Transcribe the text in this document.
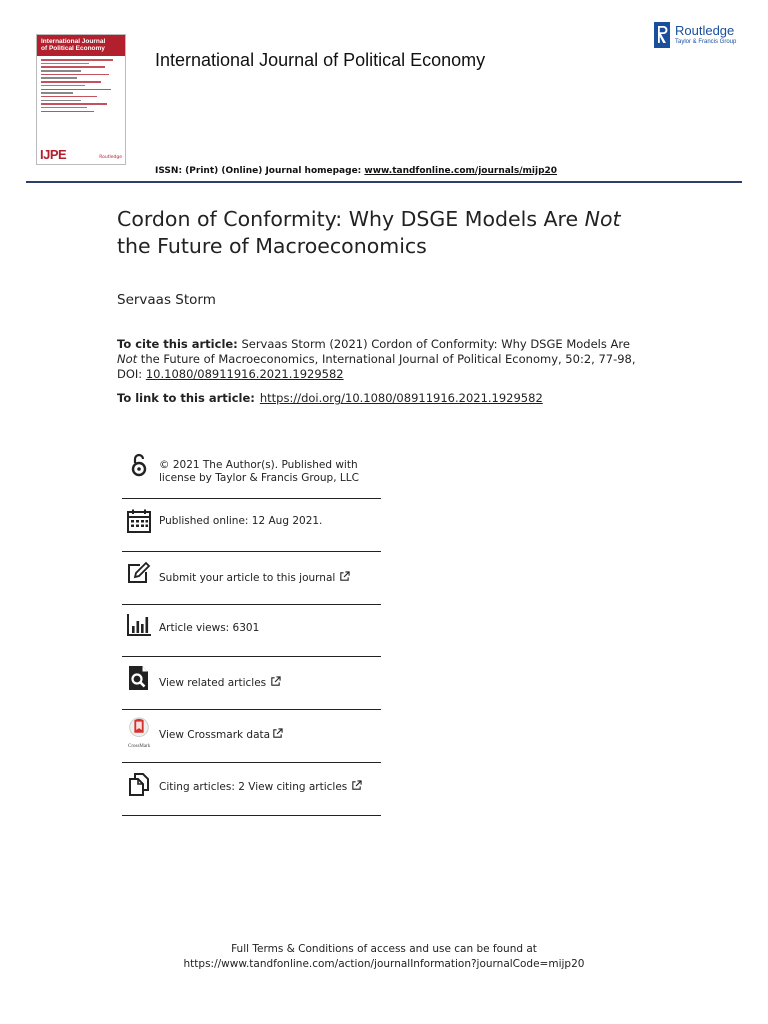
International Journal
of Political Economy
IJPE	Routledge
International Journal of Political Economy
Routledge
Taylor & Francis Group
ISSN: (Print) (Online) Journal homepage: www.tandfonline.com/journals/mijp20
Cordon of Conformity: Why DSGE Models Are Not
the Future of Macroeconomics
Servaas Storm
To cite this article: Servaas Storm (2021) Cordon of Conformity: Why DSGE Models Are Not the Future of Macroeconomics, International Journal of Political Economy, 50:2, 77-98, DOI: 10.1080/08911916.2021.1929582
To link to this article: https://doi.org/10.1080/08911916.2021.1929582
© 2021 The Author(s). Published with
license by Taylor & Francis Group, LLC
Published online: 12 Aug 2021.
Submit your article to this journal
Article views: 6301
View related articles
CrossMark
View Crossmark data
Citing articles: 2 View citing articles
Full Terms & Conditions of access and use can be found at
https://www.tandfonline.com/action/journalInformation?journalCode=mijp20
